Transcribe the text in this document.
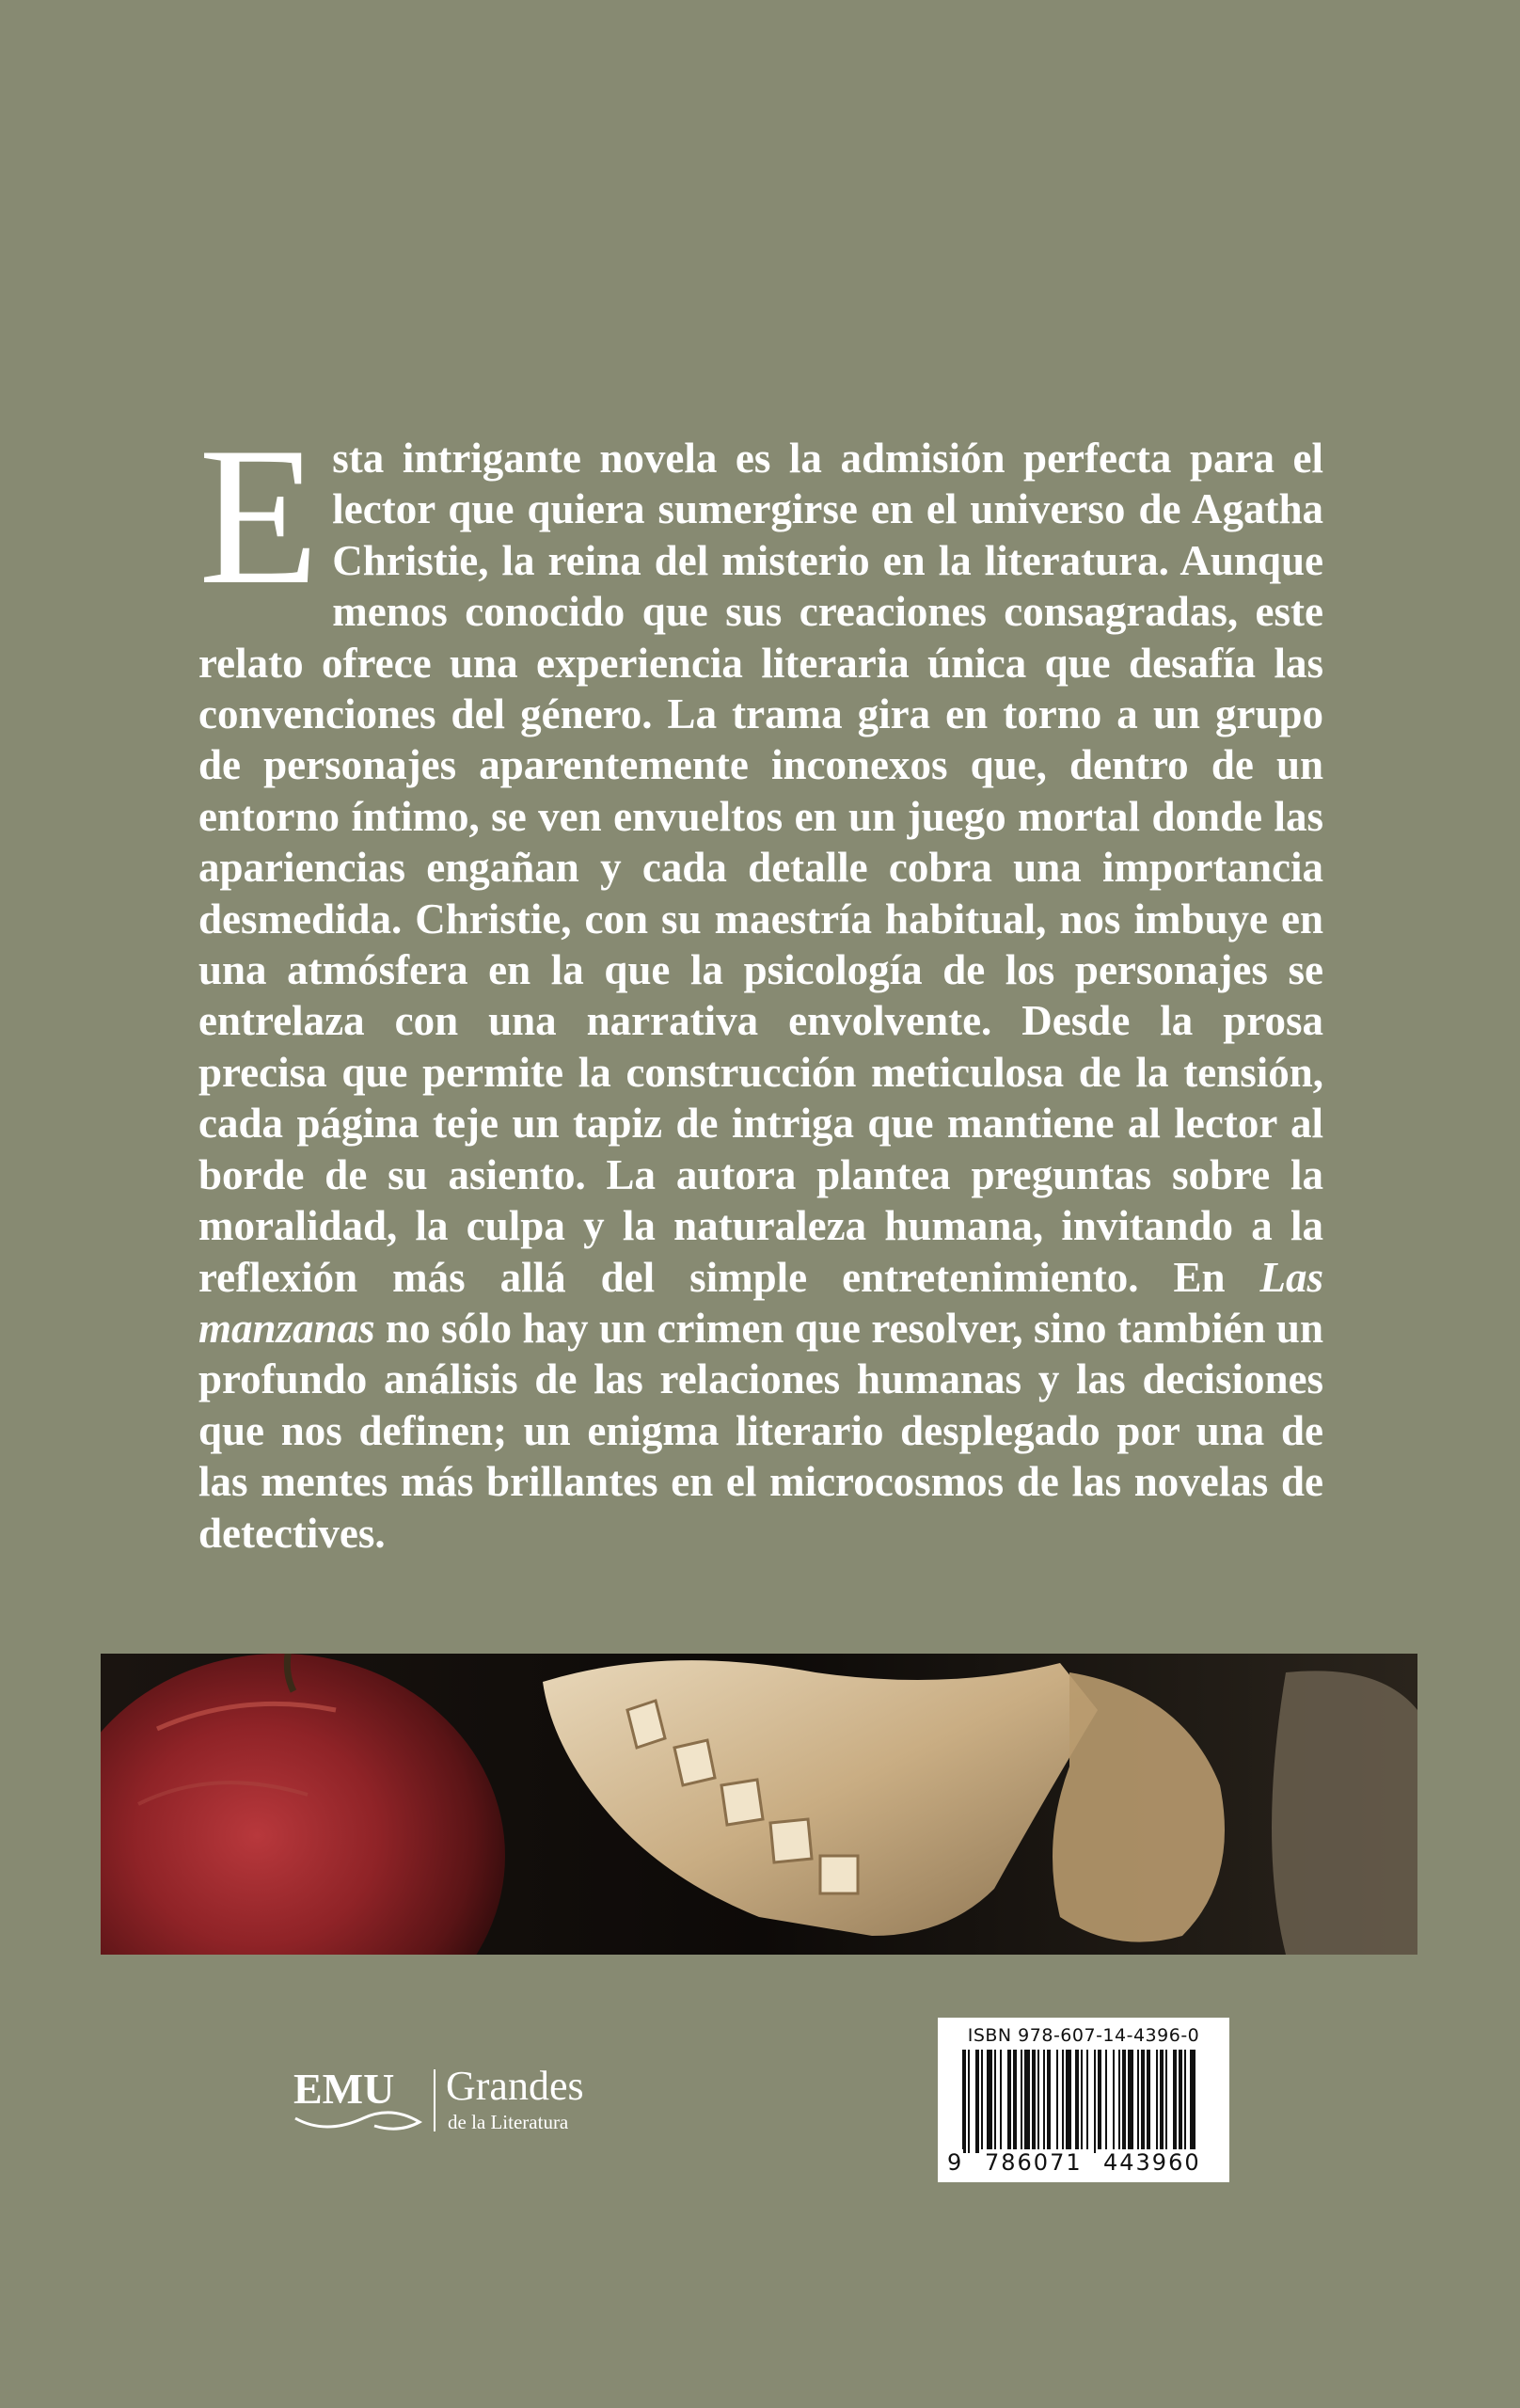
Esta intrigante novela es la admisión perfecta para el lector que quiera sumergirse en el universo de Agatha Christie, la reina del misterio en la literatura. Aunque menos conocido que sus creaciones consagradas, este relato ofrece una experiencia literaria única que desafía las convenciones del género. La trama gira en torno a un grupo de personajes aparentemente inconexos que, dentro de un entorno íntimo, se ven envueltos en un juego mortal donde las apariencias engañan y cada detalle cobra una importancia desmedida. Christie, con su maestría habitual, nos imbuye en una atmósfera en la que la psicología de los personajes se entrelaza con una narrativa envolvente. Desde la prosa precisa que permite la construcción meticulosa de la tensión, cada página teje un tapiz de intriga que mantiene al lector al borde de su asiento. La autora plantea preguntas sobre la moralidad, la culpa y la naturaleza humana, invitando a la reflexión más allá del simple entretenimiento. En Las manzanas no sólo hay un crimen que resolver, sino también un profundo análisis de las relaciones humanas y las decisiones que nos definen; un enigma literario desplegado por una de las mentes más brillantes en el microcosmos de las novelas de detectives.
EMU Grandes
de la Literatura
ISBN 978-607-14-4396-0
9 786071 443960
